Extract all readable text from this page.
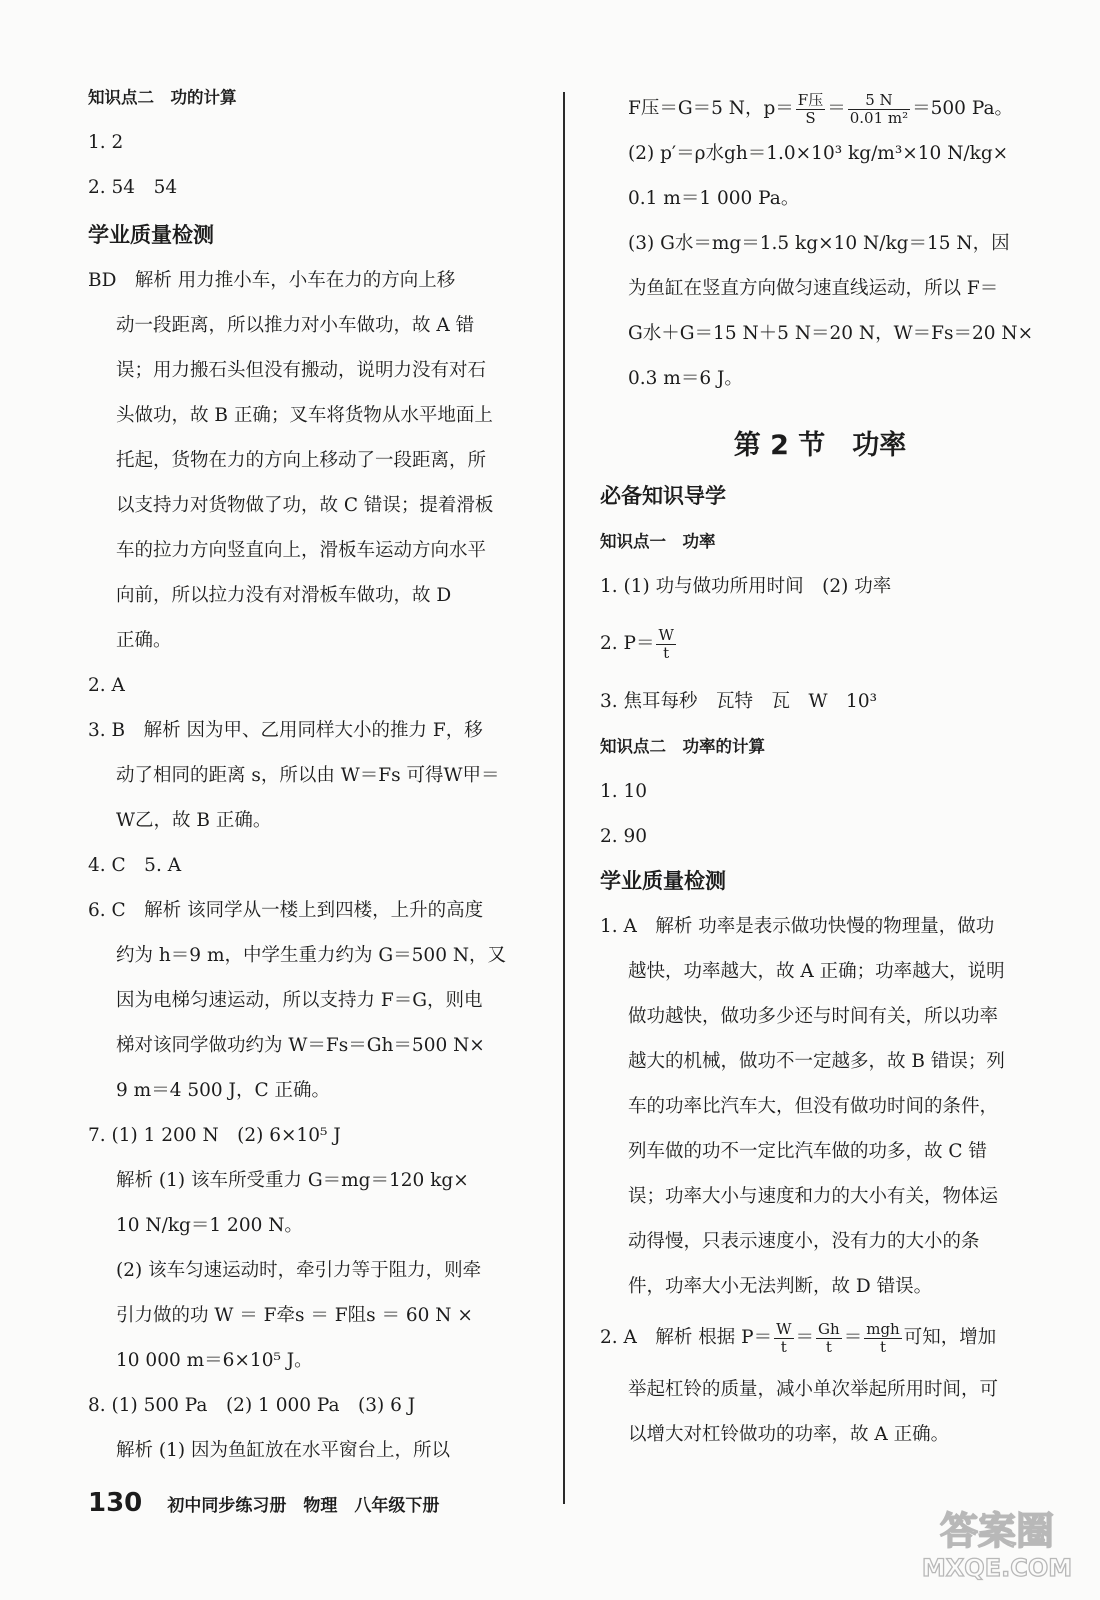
知识点二　功的计算
1. 2
2. 54　54
学业质量检测
BD　解析 用力推小车，小车在力的方向上移
动一段距离，所以推力对小车做功，故 A 错
误；用力搬石头但没有搬动，说明力没有对石
头做功，故 B 正确；叉车将货物从水平地面上
托起，货物在力的方向上移动了一段距离，所
以支持力对货物做了功，故 C 错误；提着滑板
车的拉力方向竖直向上，滑板车运动方向水平
向前，所以拉力没有对滑板车做功，故 D
正确。
2. A
3. B　解析 因为甲、乙用同样大小的推力 F，移
动了相同的距离 s，所以由 W＝Fs 可得W甲＝
W乙，故 B 正确。
4. C　5. A
6. C　解析 该同学从一楼上到四楼，上升的高度
约为 h＝9 m，中学生重力约为 G＝500 N，又
因为电梯匀速运动，所以支持力 F＝G，则电
梯对该同学做功约为 W＝Fs＝Gh＝500 N×
9 m＝4 500 J，C 正确。
7. (1) 1 200 N　(2) 6×10⁵ J
解析 (1) 该车所受重力 G＝mg＝120 kg×
10 N/kg＝1 200 N。
(2) 该车匀速运动时，牵引力等于阻力，则牵
引力做的功 W ＝ F牵s ＝ F阻s ＝ 60 N ×
10 000 m＝6×10⁵ J。
8. (1) 500 Pa　(2) 1 000 Pa　(3) 6 J
解析 (1) 因为鱼缸放在水平窗台上，所以
F压＝G＝5 N，$p= \frac{\text{F压}}{S} = \frac{5 N}{\text{0.01 m²}} =500$ Pa。
(2) p′＝ρ水gh＝1.0×10³ kg/m³×10 N/kg×
0.1 m＝1 000 Pa。
(3) G水＝mg＝1.5 kg×10 N/kg＝15 N，因
为鱼缸在竖直方向做匀速直线运动，所以 F＝
G水＋G＝15 N＋5 N＝20 N，W＝Fs＝20 N×
0.3 m＝6 J。
第 2 节　功率
必备知识导学
知识点一　功率
1. (1) 功与做功所用时间　(2) 功率
2. $P= \frac{W}{t}$
3. 焦耳每秒　瓦特　瓦　W　10³
知识点二　功率的计算
1. 10
2. 90
学业质量检测
1. A　解析 功率是表示做功快慢的物理量，做功
越快，功率越大，故 A 正确；功率越大，说明
做功越快，做功多少还与时间有关，所以功率
越大的机械，做功不一定越多，故 B 错误；列
车的功率比汽车大，但没有做功时间的条件，
列车做的功不一定比汽车做的功多，故 C 错
误；功率大小与速度和力的大小有关，物体运
动得慢，只表示速度小，没有力的大小的条
件，功率大小无法判断，故 D 错误。
2. A　解析 根据 $P= \frac{W}{t} = \frac{Gh}{t} = \frac{\text{mgh}}{t}$ 可知，增加
举起杠铃的质量，减小单次举起所用时间，可
以增大对杠铃做功的功率，故 A 正确。
130 初中同步练习册　物理　八年级下册
答案圈
MXQE.COM
